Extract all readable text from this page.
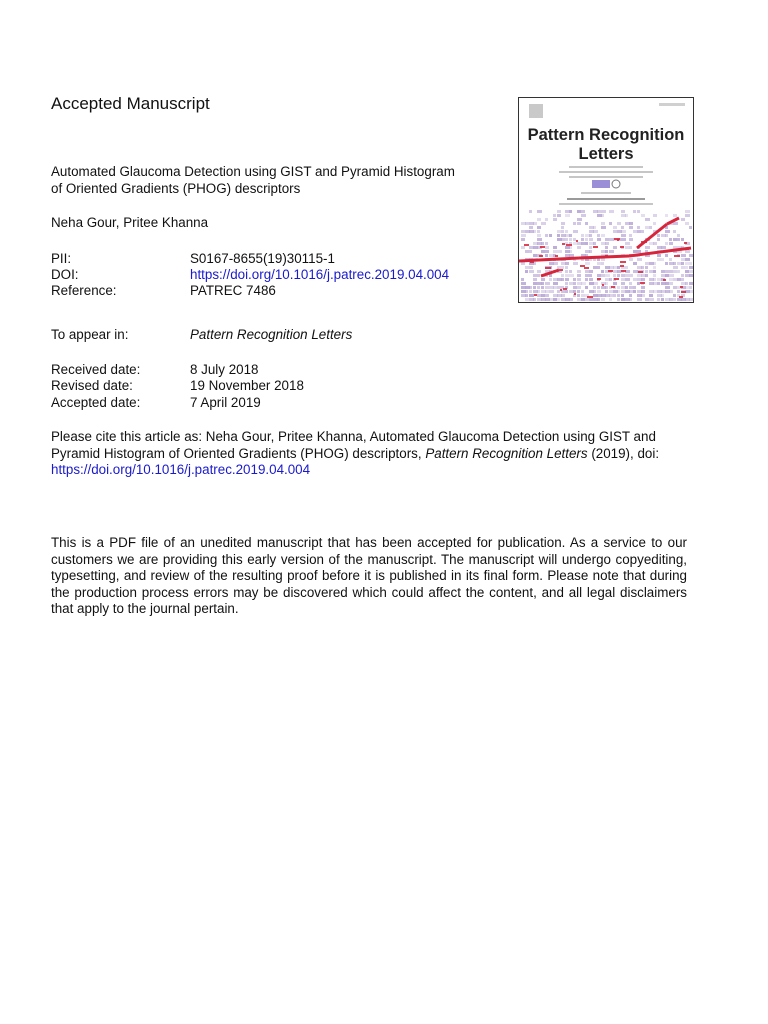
Accepted Manuscript
Automated Glaucoma Detection using GIST and Pyramid Histogram
of Oriented Gradients (PHOG) descriptors
Neha Gour, Pritee Khanna
PII:	S0167-8655(19)30115-1
DOI:	https://doi.org/10.1016/j.patrec.2019.04.004
Reference:	PATREC 7486
To appear in:	Pattern Recognition Letters
Received date:	8 July 2018
Revised date:	19 November 2018
Accepted date:	7 April 2019
Please cite this article as: Neha Gour, Pritee Khanna, Automated Glaucoma Detection using GIST and Pyramid Histogram of Oriented Gradients (PHOG) descriptors, Pattern Recognition Letters (2019), doi:
https://doi.org/10.1016/j.patrec.2019.04.004
This is a PDF file of an unedited manuscript that has been accepted for publication. As a service to our customers we are providing this early version of the manuscript. The manuscript will undergo copyediting, typesetting, and review of the resulting proof before it is published in its final form. Please note that during the production process errors may be discovered which could affect the content, and all legal disclaimers that apply to the journal pertain.
Pattern Recognition
Letters
